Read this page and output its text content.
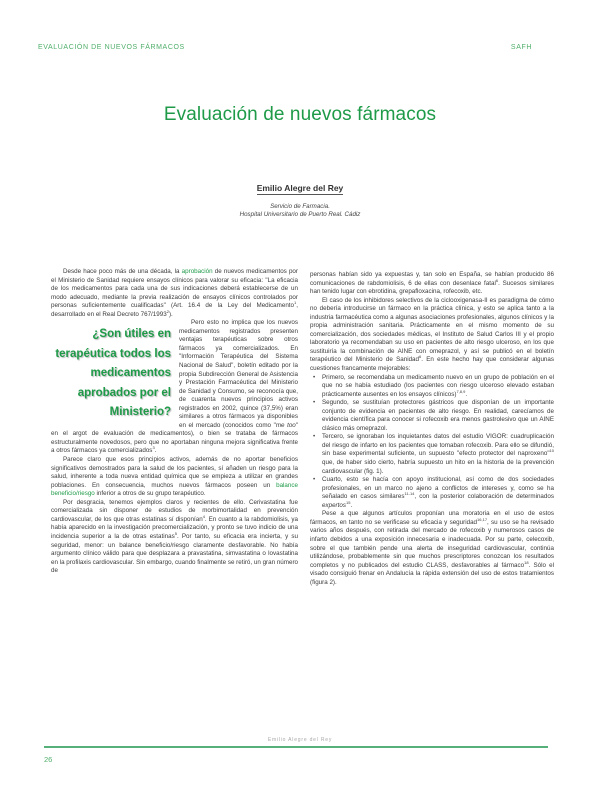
EVALUACIÓN DE NUEVOS FÁRMACOS	SAFH
Evaluación de nuevos fármacos
Emilio Alegre del Rey
Servicio de Farmacia.
Hospital Universitario de Puerto Real. Cádiz

Desde hace poco más de una década, la aprobación de nuevos medicamentos por el Ministerio de Sanidad requiere ensayos clínicos para valorar su eficacia: "La eficacia de los medicamentos para cada una de sus indicaciones deberá establecerse de un modo adecuado, mediante la previa realización de ensayos clínicos controlados por personas suficientemente cualificadas" (Art. 16.4 de la Ley del Medicamento$^1$, desarrollado en el Real Decreto 767/1993$^2$).

¿Son útiles en terapéutica todos los medicamentos aprobados por el Ministerio?

Pero esto no implica que los nuevos medicamentos registrados presenten ventajas terapéuticas sobre otros fármacos ya comercializados. En "Información Terapéutica del Sistema Nacional de Salud", boletín editado por la propia Subdirección General de Asistencia y Prestación Farmacéutica del Ministerio de Sanidad y Consumo, se reconocía que, de cuarenta nuevos principios activos registrados en 2002, quince (37,5%) eran similares a otros fármacos ya disponibles en el mercado (conocidos como "me too" en el argot de evaluación de medicamentos), o bien se trataba de fármacos estructuralmente novedosos, pero que no aportaban ninguna mejora significativa frente a otros fármacos ya comercializados$^3$.

Parece claro que esos principios activos, además de no aportar beneficios significativos demostrados para la salud de los pacientes, sí añaden un riesgo para la salud, inherente a toda nueva entidad química que se empieza a utilizar en grandes poblaciones. En consecuencia, muchos nuevos fármacos poseen un balance beneficio/riesgo inferior a otros de su grupo terapéutico.

Por desgracia, tenemos ejemplos claros y recientes de ello. Cerivastatina fue comercializada sin disponer de estudios de morbimortalidad en prevención cardiovascular, de los que otras estatinas sí disponían$^4$. En cuanto a la rabdomiolisis, ya había aparecido en la investigación precomercialización, y pronto se tuvo indicio de una incidencia superior a la de otras estatinas$^5$. Por tanto, su eficacia era incierta, y su seguridad, menor: un balance beneficio/riesgo claramente desfavorable. No había argumento clínico válido para que desplazara a pravastatina, simvastatina o lovastatina en la profilaxis cardiovascular. Sin embargo, cuando finalmente se retiró, un gran número de

personas habían sido ya expuestas y, tan solo en España, se habían producido 86 comunicaciones de rabdomiolisis, 6 de ellas con desenlace fatal$^6$. Sucesos similares han tenido lugar con ebrotidina, grepafloxacina, rofecoxib, etc.

El caso de los inhibidores selectivos de la ciclooxigenasa-II es paradigma de cómo no debería introducirse un fármaco en la práctica clínica, y esto se aplica tanto a la industria farmacéutica como a algunas asociaciones profesionales, algunos clínicos y la propia administración sanitaria. Prácticamente en el mismo momento de su comercialización, dos sociedades médicas, el Instituto de Salud Carlos III y el propio laboratorio ya recomendaban su uso en pacientes de alto riesgo ulceroso, en los que sustituiría la combinación de AINE con omeprazol, y así se publicó en el boletín terapéutico del Ministerio de Sanidad$^6$. En este hecho hay que considerar algunas cuestiones francamente mejorables:

• Primero, se recomendaba un medicamento nuevo en un grupo de población en el que no se había estudiado (los pacientes con riesgo ulceroso elevado estaban prácticamente ausentes en los ensayos clínicos)$^{7,8,9}$.
• Segundo, se sustituían protectores gástricos que disponían de un importante conjunto de evidencia en pacientes de alto riesgo. En realidad, carecíamos de evidencia científica para conocer si rofecoxib era menos gastrolesivo que un AINE clásico más omeprazol.
• Tercero, se ignoraban los inquietantes datos del estudio VIGOR: cuadruplicación del riesgo de infarto en los pacientes que tomaban rofecoxib. Para ello se difundió, sin base experimental suficiente, un supuesto "efecto protector del naproxeno"$^{10}$ que, de haber sido cierto, habría supuesto un hito en la historia de la prevención cardiovascular (fig. 1).
• Cuarto, esto se hacía con apoyo institucional, así como de dos sociedades profesionales, en un marco no ajeno a conflictos de intereses y, como se ha señalado en casos similares$^{11-14}$, con la posterior colaboración de determinados expertos$^{15}$.

Pese a que algunos artículos proponían una moratoria en el uso de estos fármacos, en tanto no se verificase su eficacia y seguridad$^{16,17}$, su uso se ha revisado varios años después, con retirada del mercado de rofecoxib y numerosos casos de infarto debidos a una exposición innecesaria e inadecuada. Por su parte, celecoxib, sobre el que también pende una alerta de inseguridad cardiovascular, continúa utilizándose, probablemente sin que muchos prescriptores conozcan los resultados completos y no publicados del estudio CLASS, desfavorables al fármaco$^{18}$. Sólo el visado consiguió frenar en Andalucía la rápida extensión del uso de estos tratamientos (figura 2).

Emilio Alegre del Rey
26
